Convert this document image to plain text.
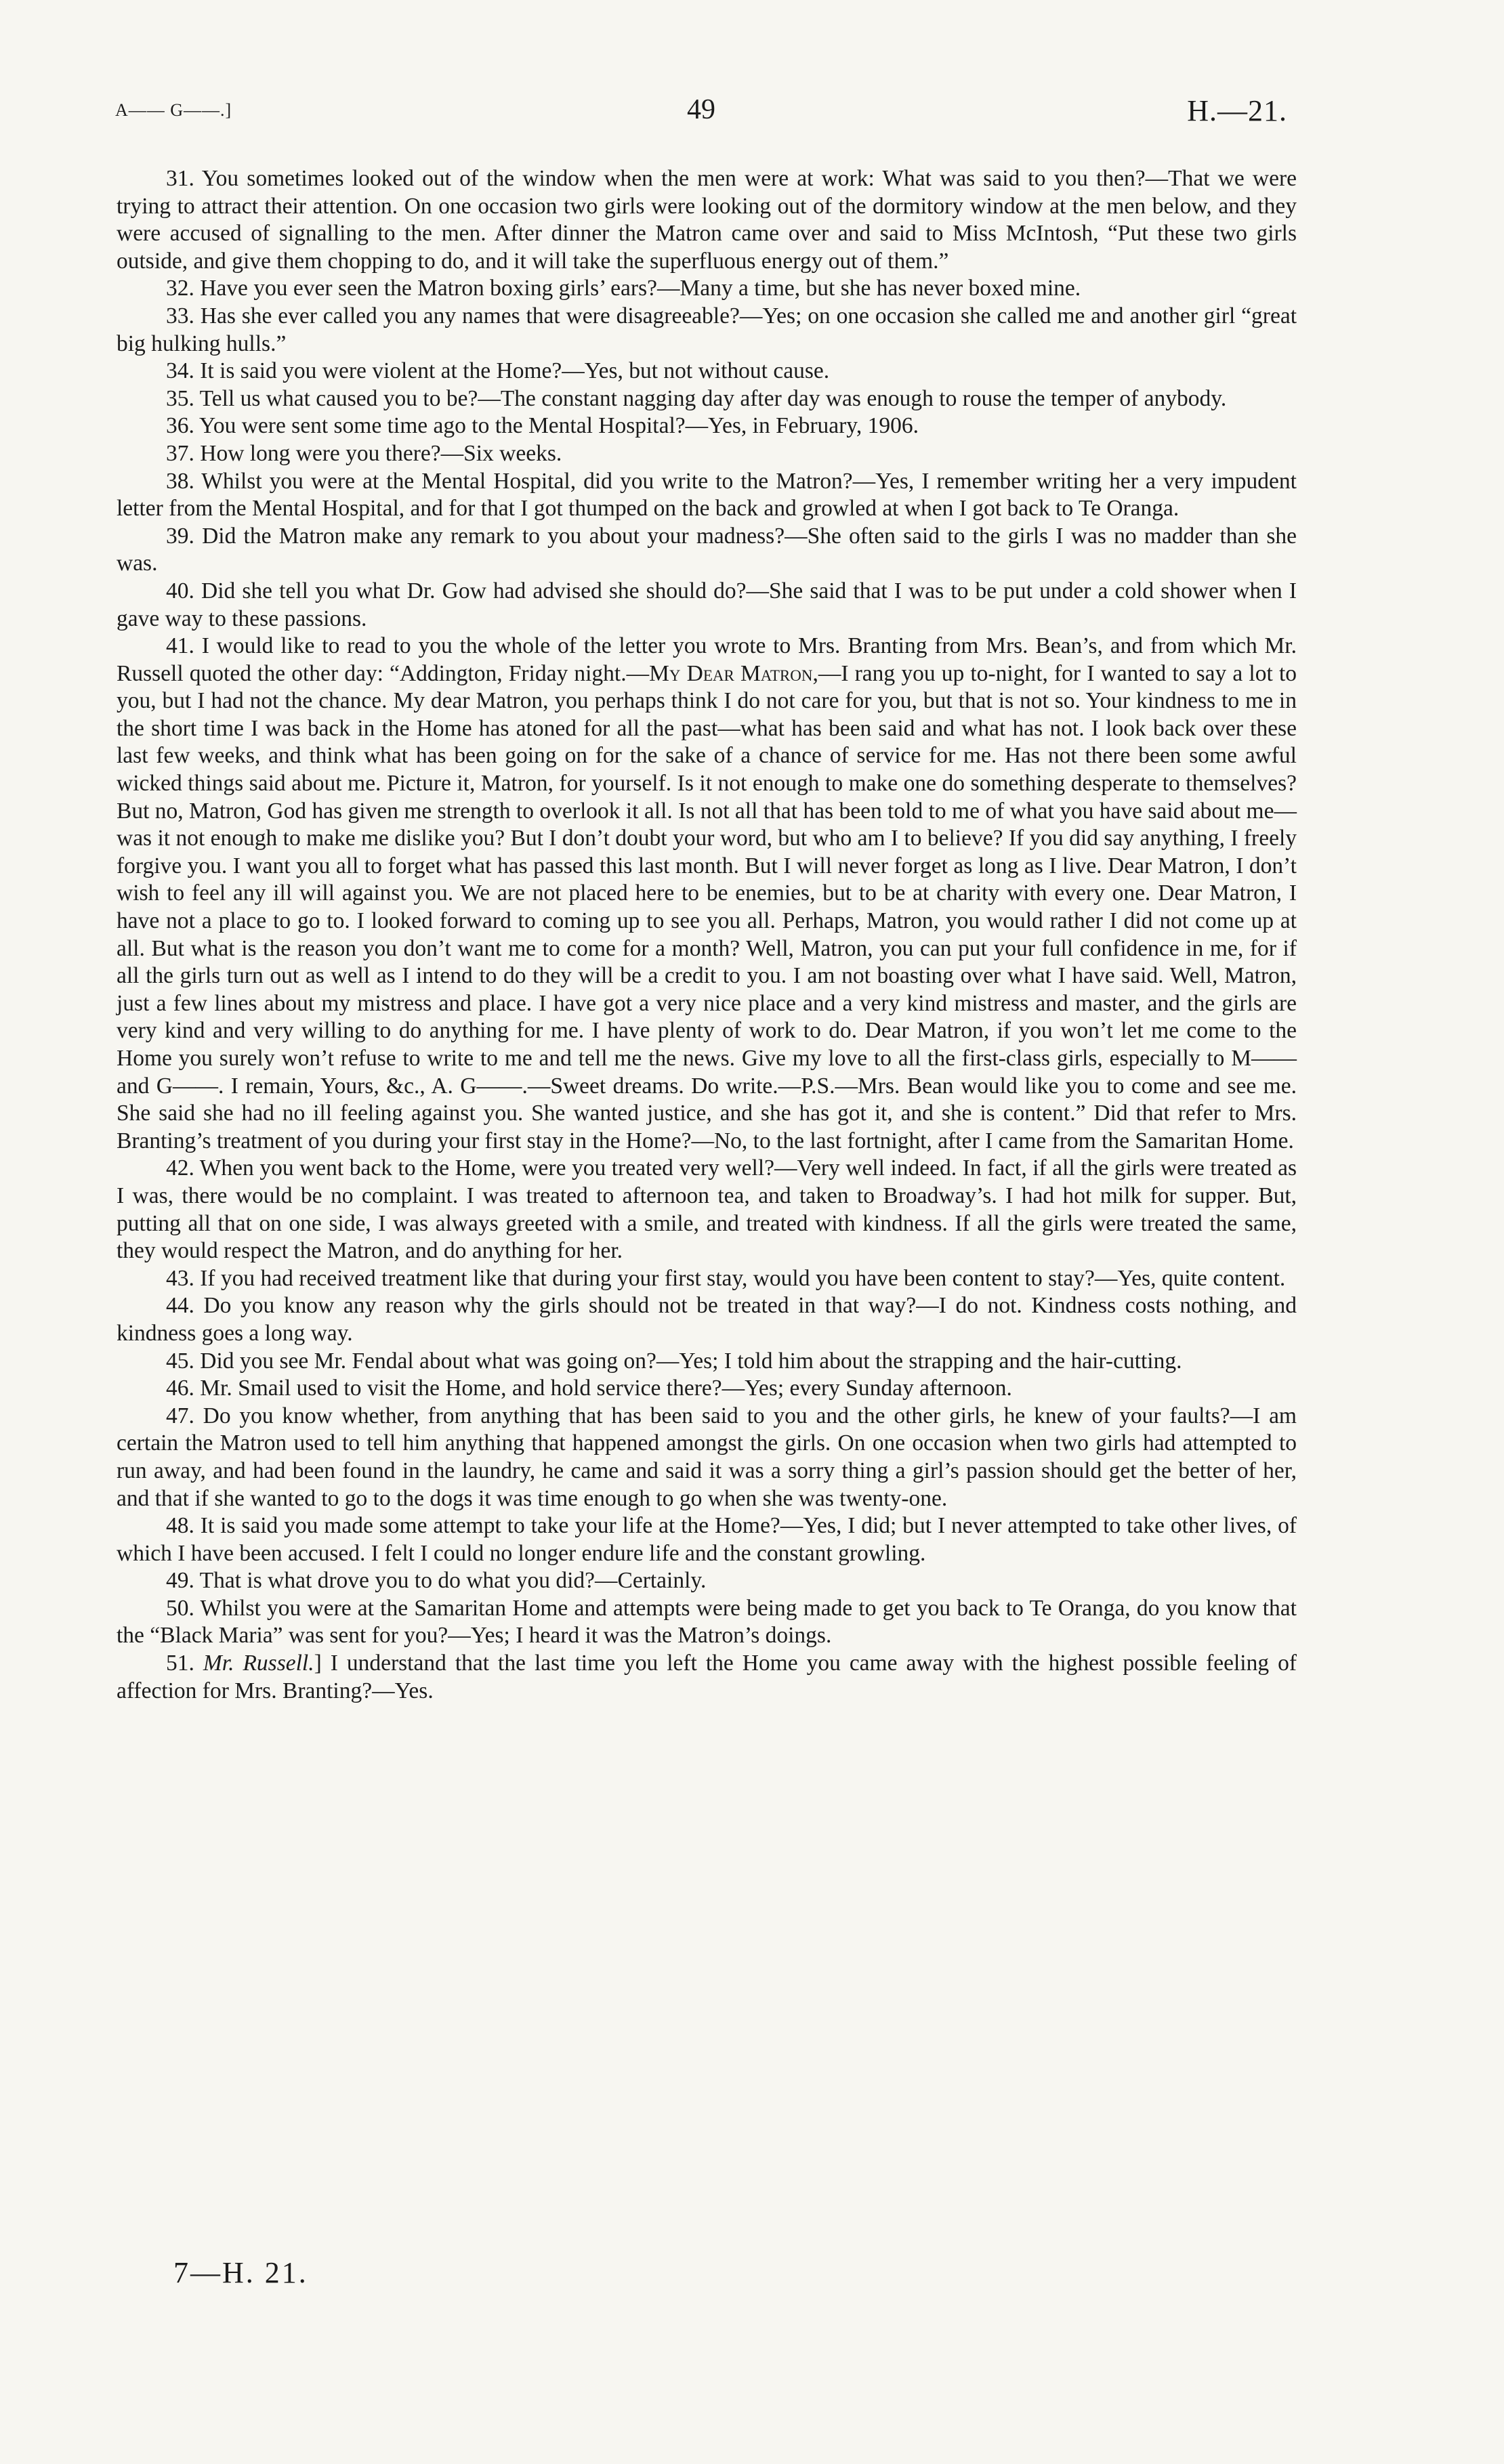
A—— G——.]	49	H.—21.

31. You sometimes looked out of the window when the men were at work: What was said to you then?—That we were trying to attract their attention. On one occasion two girls were looking out of the dormitory window at the men below, and they were accused of signalling to the men. After dinner the Matron came over and said to Miss McIntosh, “Put these two girls outside, and give them chopping to do, and it will take the superfluous energy out of them.”

32. Have you ever seen the Matron boxing girls’ ears?—Many a time, but she has never boxed mine.

33. Has she ever called you any names that were disagreeable?—Yes; on one occasion she called me and another girl “great big hulking hulls.”

34. It is said you were violent at the Home?—Yes, but not without cause.

35. Tell us what caused you to be?—The constant nagging day after day was enough to rouse the temper of anybody.

36. You were sent some time ago to the Mental Hospital?—Yes, in February, 1906.

37. How long were you there?—Six weeks.

38. Whilst you were at the Mental Hospital, did you write to the Matron?—Yes, I remember writing her a very impudent letter from the Mental Hospital, and for that I got thumped on the back and growled at when I got back to Te Oranga.

39. Did the Matron make any remark to you about your madness?—She often said to the girls I was no madder than she was.

40. Did she tell you what Dr. Gow had advised she should do?—She said that I was to be put under a cold shower when I gave way to these passions.

41. I would like to read to you the whole of the letter you wrote to Mrs. Branting from Mrs. Bean’s, and from which Mr. Russell quoted the other day: “Addington, Friday night.—My Dear Matron,—I rang you up to-night, for I wanted to say a lot to you, but I had not the chance. My dear Matron, you perhaps think I do not care for you, but that is not so. Your kindness to me in the short time I was back in the Home has atoned for all the past—what has been said and what has not. I look back over these last few weeks, and think what has been going on for the sake of a chance of service for me. Has not there been some awful wicked things said about me. Picture it, Matron, for yourself. Is it not enough to make one do something desperate to themselves? But no, Matron, God has given me strength to overlook it all. Is not all that has been told to me of what you have said about me—was it not enough to make me dislike you? But I don’t doubt your word, but who am I to believe? If you did say anything, I freely forgive you. I want you all to forget what has passed this last month. But I will never forget as long as I live. Dear Matron, I don’t wish to feel any ill will against you. We are not placed here to be enemies, but to be at charity with every one. Dear Matron, I have not a place to go to. I looked forward to coming up to see you all. Perhaps, Matron, you would rather I did not come up at all. But what is the reason you don’t want me to come for a month? Well, Matron, you can put your full confidence in me, for if all the girls turn out as well as I intend to do they will be a credit to you. I am not boasting over what I have said. Well, Matron, just a few lines about my mistress and place. I have got a very nice place and a very kind mistress and master, and the girls are very kind and very willing to do anything for me. I have plenty of work to do. Dear Matron, if you won’t let me come to the Home you surely won’t refuse to write to me and tell me the news. Give my love to all the first-class girls, especially to M—— and G——. I remain, Yours, &c., A. G——.—Sweet dreams. Do write.—P.S.—Mrs. Bean would like you to come and see me. She said she had no ill feeling against you. She wanted justice, and she has got it, and she is content.” Did that refer to Mrs. Branting’s treatment of you during your first stay in the Home?—No, to the last fortnight, after I came from the Samaritan Home.

42. When you went back to the Home, were you treated very well?—Very well indeed. In fact, if all the girls were treated as I was, there would be no complaint. I was treated to afternoon tea, and taken to Broadway’s. I had hot milk for supper. But, putting all that on one side, I was always greeted with a smile, and treated with kindness. If all the girls were treated the same, they would respect the Matron, and do anything for her.

43. If you had received treatment like that during your first stay, would you have been content to stay?—Yes, quite content.

44. Do you know any reason why the girls should not be treated in that way?—I do not. Kindness costs nothing, and kindness goes a long way.

45. Did you see Mr. Fendal about what was going on?—Yes; I told him about the strapping and the hair-cutting.

46. Mr. Smail used to visit the Home, and hold service there?—Yes; every Sunday afternoon.

47. Do you know whether, from anything that has been said to you and the other girls, he knew of your faults?—I am certain the Matron used to tell him anything that happened amongst the girls. On one occasion when two girls had attempted to run away, and had been found in the laundry, he came and said it was a sorry thing a girl’s passion should get the better of her, and that if she wanted to go to the dogs it was time enough to go when she was twenty-one.

48. It is said you made some attempt to take your life at the Home?—Yes, I did; but I never attempted to take other lives, of which I have been accused. I felt I could no longer endure life and the constant growling.

49. That is what drove you to do what you did?—Certainly.

50. Whilst you were at the Samaritan Home and attempts were being made to get you back to Te Oranga, do you know that the “Black Maria” was sent for you?—Yes; I heard it was the Matron’s doings.

51. Mr. Russell.] I understand that the last time you left the Home you came away with the highest possible feeling of affection for Mrs. Branting?—Yes.

7—H. 21.
